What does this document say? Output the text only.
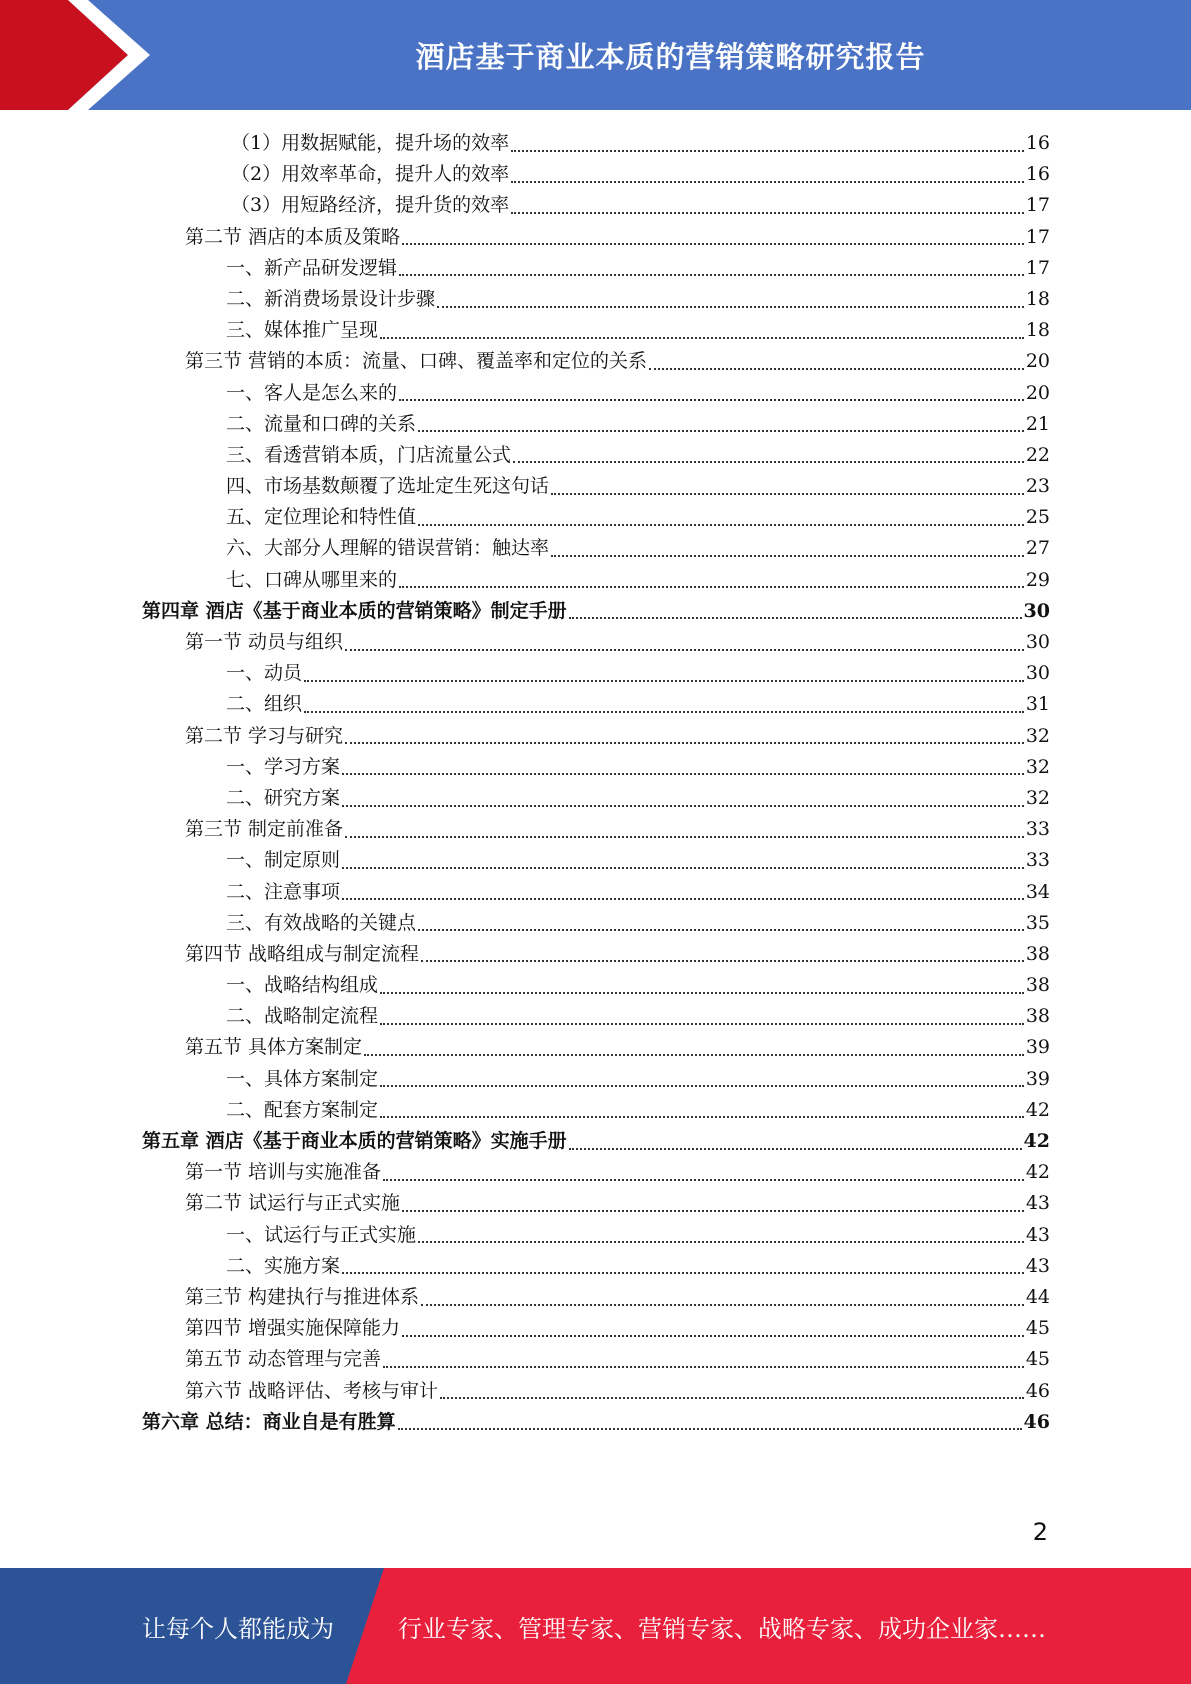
酒店基于商业本质的营销策略研究报告
（1）用数据赋能，提升场的效率	16
（2）用效率革命，提升人的效率	16
（3）用短路经济，提升货的效率	17
第二节 酒店的本质及策略	17
一、新产品研发逻辑	17
二、新消费场景设计步骤	18
三、媒体推广呈现	18
第三节 营销的本质：流量、口碑、覆盖率和定位的关系	20
一、客人是怎么来的	20
二、流量和口碑的关系	21
三、看透营销本质，门店流量公式	22
四、市场基数颠覆了选址定生死这句话	23
五、定位理论和特性值	25
六、大部分人理解的错误营销：触达率	27
七、口碑从哪里来的	29
第四章 酒店《基于商业本质的营销策略》制定手册	30
第一节 动员与组织	30
一、动员	30
二、组织	31
第二节 学习与研究	32
一、学习方案	32
二、研究方案	32
第三节 制定前准备	33
一、制定原则	33
二、注意事项	34
三、有效战略的关键点	35
第四节 战略组成与制定流程	38
一、战略结构组成	38
二、战略制定流程	38
第五节 具体方案制定	39
一、具体方案制定	39
二、配套方案制定	42
第五章 酒店《基于商业本质的营销策略》实施手册	42
第一节 培训与实施准备	42
第二节 试运行与正式实施	43
一、试运行与正式实施	43
二、实施方案	43
第三节 构建执行与推进体系	44
第四节 增强实施保障能力	45
第五节 动态管理与完善	45
第六节 战略评估、考核与审计	46
第六章 总结：商业自是有胜算	46
2
让每个人都能成为	行业专家、管理专家、营销专家、战略专家、成功企业家……
